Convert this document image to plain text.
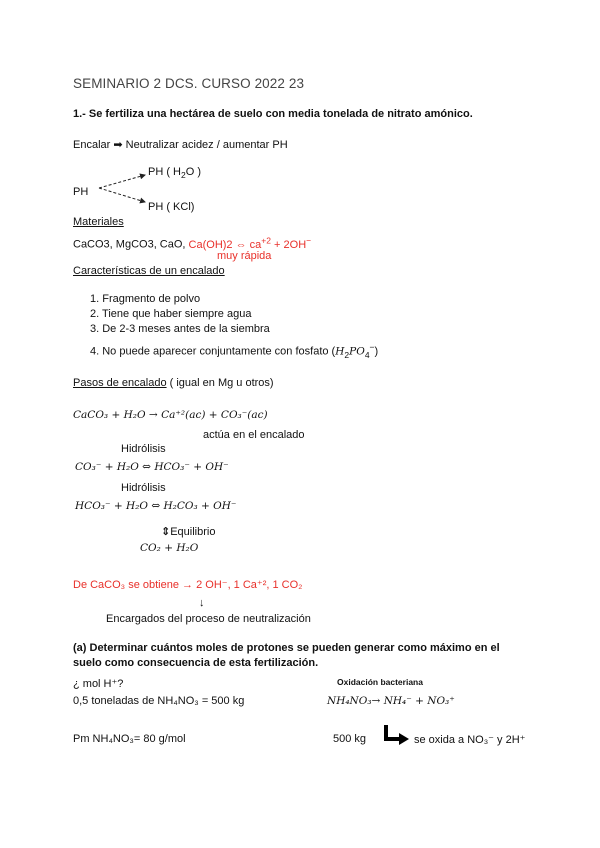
SEMINARIO 2 DCS. CURSO 2022 23
1.- Se fertiliza una hectárea de suelo con media tonelada de nitrato amónico.
Encalar ➡ Neutralizar acidez / aumentar PH
PH
PH ( $H_2O$ )
PH ( KCl)
Materiales
CaCO3, MgCO3, CaO, Ca(OH)2 ⇔ $ca^{+2} + 2OH^-$
muy rápida
Características de un encalado
1. Fragmento de polvo
2. Tiene que haber siempre agua
3. De 2-3 meses antes de la siembra
4. No puede aparecer conjuntamente con fosfato $(H_2PO_4^-)$
Pasos de encalado ( igual en Mg u otros)
CaCO₃ + H₂O → Ca⁺²(ac) + CO₃⁻(ac)
actúa en el encalado
Hidrólisis
CO₃⁻ + H₂O ⇔ HCO₃⁻ + OH⁻
Hidrólisis
HCO₃⁻ + H₂O ⇔ H₂CO₃ + OH⁻
⇕Equilibrio
CO₂ + H₂O
De CaCO₃ se obtiene → 2 OH⁻, 1 Ca⁺², 1 CO₂
↓
Encargados del proceso de neutralización
(a) Determinar cuántos moles de protones se pueden generar como máximo en el
suelo como consecuencia de esta fertilización.
¿ mol H⁺?	Oxidación bacteriana
0,5 toneladas de NH₄NO₃ = 500 kg	NH₄NO₃→ NH₄⁻ + NO₃⁺
Pm NH₄NO₃= 80 g/mol	500 kg	se oxida a NO₃⁻ y 2H⁺
